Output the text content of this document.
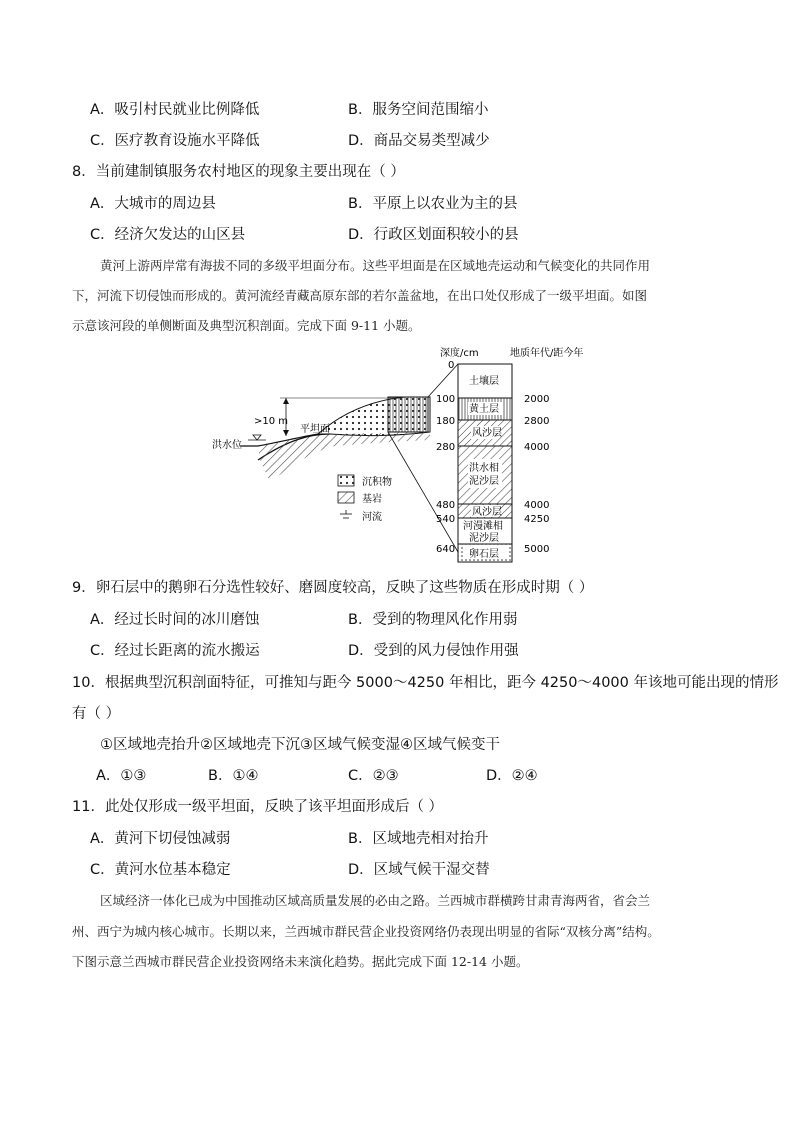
A．吸引村民就业比例降低	B．服务空间范围缩小
C．医疗教育设施水平降低	D．商品交易类型减少
8．当前建制镇服务农村地区的现象主要出现在（ ）
A．大城市的周边县	B．平原上以农业为主的县
C．经济欠发达的山区县	D．行政区划面积较小的县
黄河上游两岸常有海拔不同的多级平坦面分布。这些平坦面是在区域地壳运动和气候变化的共同作用
下，河流下切侵蚀而形成的。黄河流经青藏高原东部的若尔盖盆地，在出口处仅形成了一级平坦面。如图
示意该河段的单侧断面及典型沉积剖面。完成下面 9-11 小题。
深度/cm	地质年代/距今年
>10 m
平坦面
洪水位
沉积物
基岩
河流
土壤层
黄土层
风沙层
洪水相
泥沙层
风沙层
河漫滩相
泥沙层
卵石层
0
100
180
280
480
540
640
2000
2800
4000
4000
4250
5000
9．卵石层中的鹅卵石分选性较好、磨圆度较高，反映了这些物质在形成时期（ ）
A．经过长时间的冰川磨蚀	B．受到的物理风化作用弱
C．经过长距离的流水搬运	D．受到的风力侵蚀作用强
10．根据典型沉积剖面特征，可推知与距今 5000～4250 年相比，距今 4250～4000 年该地可能出现的情形
有（ ）
①区域地壳抬升②区域地壳下沉③区域气候变湿④区域气候变干
A．①③	B．①④	C．②③	D．②④
11．此处仅形成一级平坦面，反映了该平坦面形成后（ ）
A．黄河下切侵蚀减弱	B．区域地壳相对抬升
C．黄河水位基本稳定	D．区域气候干湿交替
区域经济一体化已成为中国推动区域高质量发展的必由之路。兰西城市群横跨甘肃青海两省，省会兰
州、西宁为城内核心城市。长期以来，兰西城市群民营企业投资网络仍表现出明显的省际“双核分离”结构。
下图示意兰西城市群民营企业投资网络未来演化趋势。据此完成下面 12-14 小题。
